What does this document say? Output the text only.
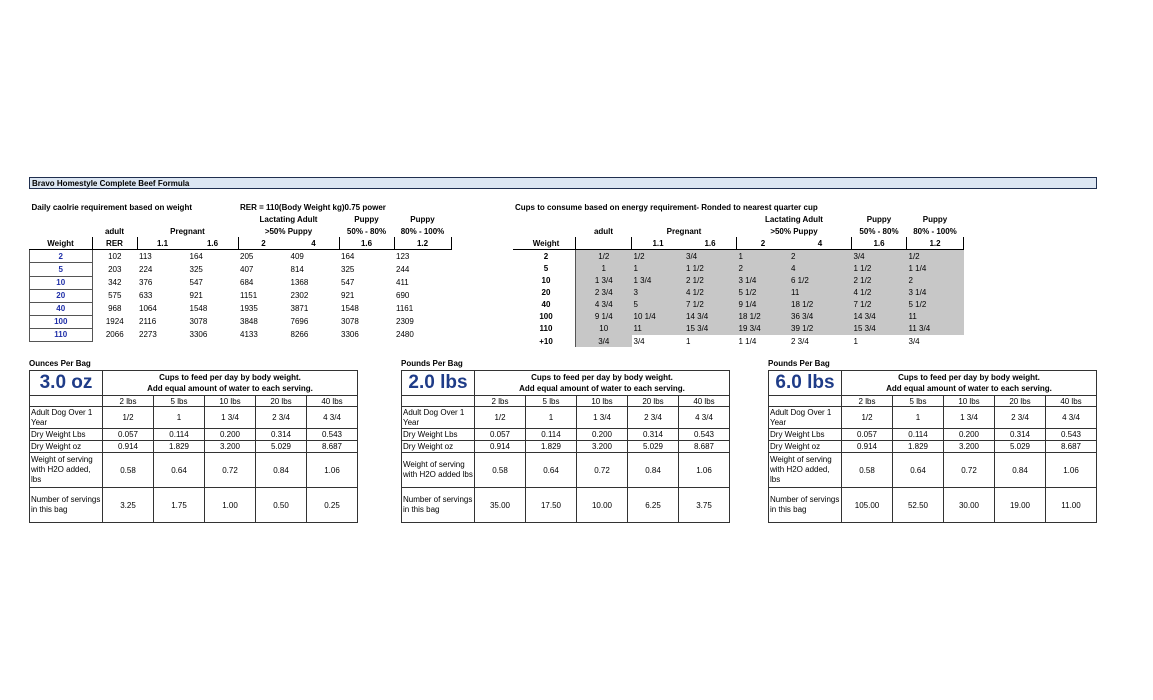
Bravo Homestyle Complete Beef Formula
Daily caolrie requirement based on weight				RER = 110(Body Weight kg)0.75 power			
				Lactating Adult		Puppy	Puppy
	adult	Pregnant		>50% Puppy		50% - 80%	80% - 100%
Weight	RER	1.1	1.6	2	4	1.6	1.2
2	102	113	164	205	409	164	123
5	203	224	325	407	814	325	244
10	342	376	547	684	1368	547	411
20	575	633	921	1151	2302	921	690
40	968	1064	1548	1935	3871	1548	1161
100	1924	2116	3078	3848	7696	3078	2309
110	2066	2273	3306	4133	8266	3306	2480
Cups to consume based on energy requirement- Ronded to nearest quarter cup								
					Lactating Adult		Puppy	Puppy
		adult	Pregnant		>50% Puppy		50% - 80%	80% - 100%
	Weight		1.1	1.6	2	4	1.6	1.2
	2	1/2	1/2	3/4	1	2	3/4	1/2
	5	1	1	1 1/2	2	4	1 1/2	1 1/4
	10	1 3/4	1 3/4	2 1/2	3 1/4	6 1/2	2 1/2	2
	20	2 3/4	3	4 1/2	5 1/2	11	4 1/2	3 1/4
	40	4 3/4	5	7 1/2	9 1/4	18 1/2	7 1/2	5 1/2
	100	9 1/4	10 1/4	14 3/4	18 1/2	36 3/4	14 3/4	11
	110	10	11	15 3/4	19 3/4	39 1/2	15 3/4	11 3/4
	+10	3/4	3/4	1	1 1/4	2 3/4	1	3/4
Ounces Per Bag
3.0 oz	Cups to feed per day by body weight.
Add equal amount of water to each serving.				

	2 lbs	5 lbs	10 lbs	20 lbs	40 lbs
Adult Dog Over 1 Year	1/2	1	1 3/4	2 3/4	4 3/4
Dry Weight Lbs	0.057	0.114	0.200	0.314	0.543
Dry Weight oz	0.914	1.829	3.200	5.029	8.687
Weight of serving with H2O added, lbs	0.58	0.64	0.72	0.84	1.06
Number of servings in this bag	3.25	1.75	1.00	0.50	0.25
Pounds Per Bag
2.0 lbs	Cups to feed per day by body weight.
Add equal amount of water to each serving.				

	2 lbs	5 lbs	10 lbs	20 lbs	40 lbs
Adult Dog Over 1 Year	1/2	1	1 3/4	2 3/4	4 3/4
Dry Weight Lbs	0.057	0.114	0.200	0.314	0.543
Dry Weight oz	0.914	1.829	3.200	5.029	8.687
Weight of serving with H2O added lbs	0.58	0.64	0.72	0.84	1.06
Number of servings in this bag	35.00	17.50	10.00	6.25	3.75
Pounds Per Bag
6.0 lbs	Cups to feed per day by body weight.
Add equal amount of water to each serving.				

	2 lbs	5 lbs	10 lbs	20 lbs	40 lbs
Adult Dog Over 1 Year	1/2	1	1 3/4	2 3/4	4 3/4
Dry Weight Lbs	0.057	0.114	0.200	0.314	0.543
Dry Weight oz	0.914	1.829	3.200	5.029	8.687
Weight of serving with H2O added, lbs	0.58	0.64	0.72	0.84	1.06
Number of servings in this bag	105.00	52.50	30.00	19.00	11.00
